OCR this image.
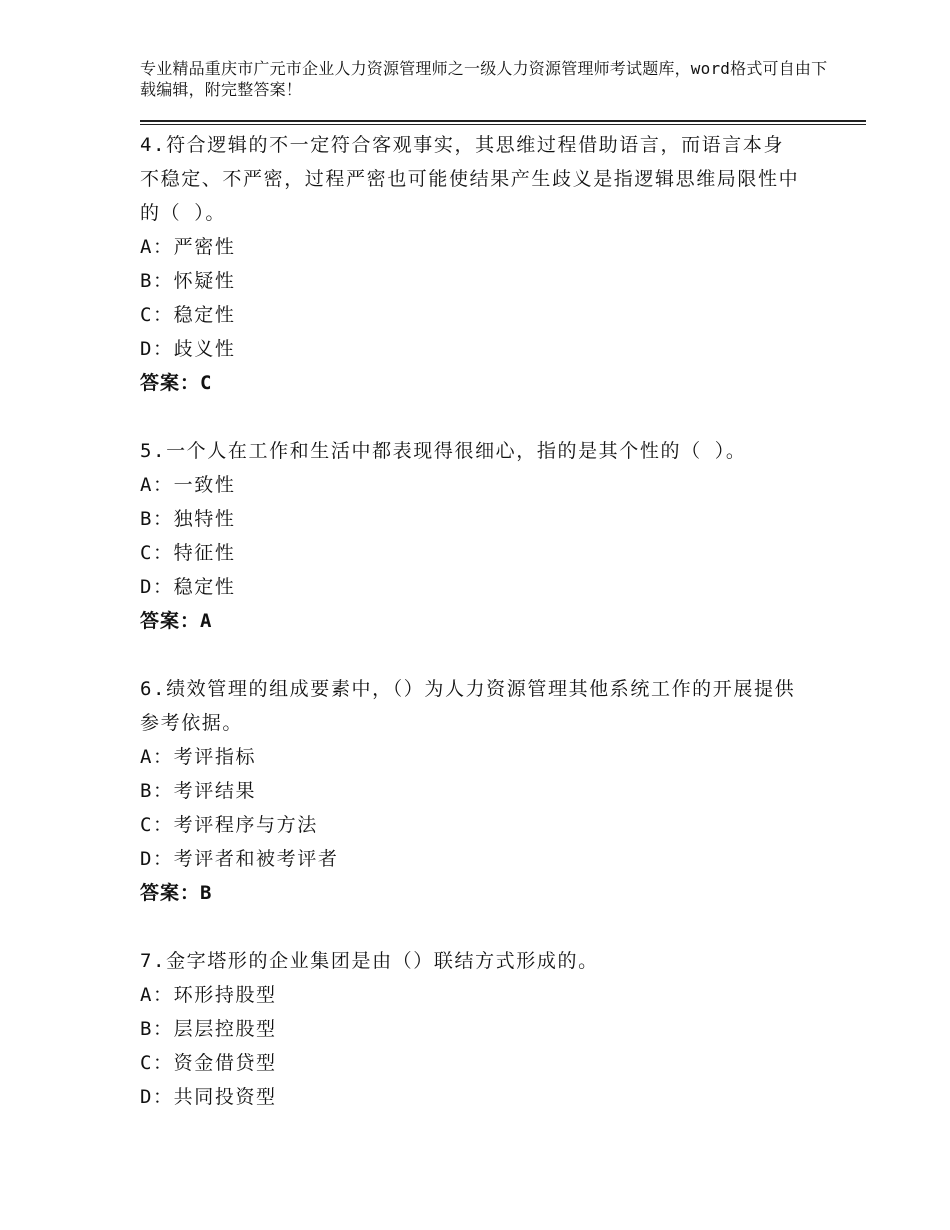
专业精品重庆市广元市企业人力资源管理师之一级人力资源管理师考试题库，word格式可自由下载编辑，附完整答案！
4.符合逻辑的不一定符合客观事实，其思维过程借助语言，而语言本身不稳定、不严密，过程严密也可能使结果产生歧义是指逻辑思维局限性中的（ ）。
A：严密性
B：怀疑性
C：稳定性
D：歧义性
答案：C
5.一个人在工作和生活中都表现得很细心，指的是其个性的（ ）。
A：一致性
B：独特性
C：特征性
D：稳定性
答案：A
6.绩效管理的组成要素中，（）为人力资源管理其他系统工作的开展提供参考依据。
A：考评指标
B：考评结果
C：考评程序与方法
D：考评者和被考评者
答案：B
7.金字塔形的企业集团是由（）联结方式形成的。
A：环形持股型
B：层层控股型
C：资金借贷型
D：共同投资型
